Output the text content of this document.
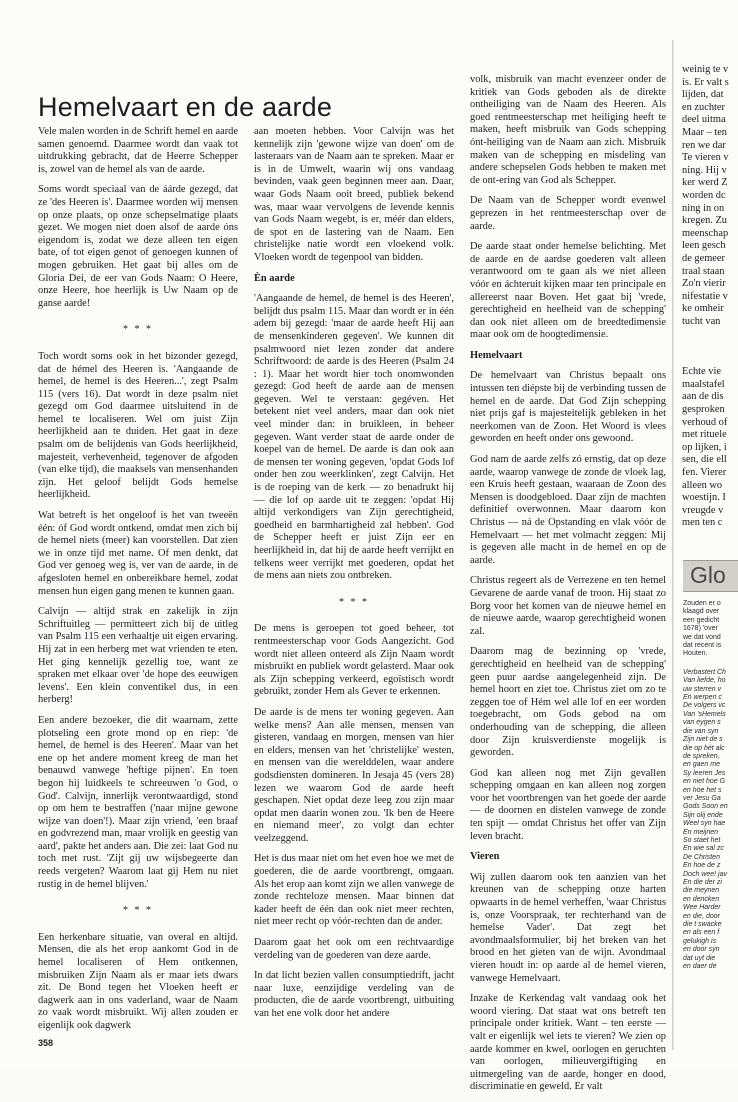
Hemelvaart en de aarde

Vele malen worden in de Schrift hemel en aarde samen genoemd. Daarmee wordt dan vaak tot uitdrukking gebracht, dat de Heerre Schepper is, zowel van de hemel als van de aarde.

Soms wordt speciaal van de áárde gezegd, dat ze 'des Heeren is'. Daarmee worden wij mensen op onze plaats, op onze schepselmatige plaats gezet. We mogen niet doen alsof de aarde óns eigendom is, zodat we deze alleen ten eigen bate, of tot eigen genot of genoegen kunnen of mogen gebruiken. Het gaat bij alles om de Gloria Dei, de eer van Gods Naam: O Heere, onze Heere, hoe heerlijk is Uw Naam op de ganse aarde!

* * *

Toch wordt soms ook in het bizonder gezegd, dat de hémel des Heeren is. 'Aangaande de hemel, de hemel is des Heeren...', zegt Psalm 115 (vers 16). Dat wordt in deze psalm niet gezegd om God daarmee uitsluitend in de hemel te localiseren. Wel om juist Zijn heerlijkheid aan te duiden. Het gaat in deze psalm om de belijdenis van Gods heerlijkheid, majesteit, verhevenheid, tegenover de afgoden (van elke tijd), die maaksels van mensenhanden zijn. Het geloof belijdt Gods hemelse heerlijkheid.

Wat betreft is het ongeloof is het van tweeën één: óf God wordt ontkend, omdat men zich bij de hemel niets (meer) kan voorstellen. Dat zien we in onze tijd met name. Of men denkt, dat God ver genoeg weg is, ver van de aarde, in de afgesloten hemel en onbereikbare hemel, zodat mensen hun eigen gang menen te kunnen gaan.

Calvijn — altijd strak en zakelijk in zijn Schriftuitleg — permitteert zich bij de uitleg van Psalm 115 een verhaaltje uit eigen ervaring. Hij zat in een herberg met wat vrienden te eten. Het ging kennelijk gezellig toe, want ze spraken met elkaar over 'de hope des eeuwigen levens'. Een klein conventikel dus, in een herberg!

Een andere bezoeker, die dit waarnam, zette plotseling een grote mond op en riep: 'de hemel, de hemel is des Heeren'. Maar van het ene op het andere moment kreeg de man het benauwd vanwege 'heftige pijnen'. En toen begon hij luidkeels te schreeuwen 'o God, o God'. Calvijn, innerlijk verontwaardigd, stond op om hem te bestraffen ('naar mijne gewone wijze van doen'!). Maar zijn vriend, 'een braaf en godvrezend man, maar vrolijk en geestig van aard', pakte het anders aan. Die zei: laat God nu toch met rust. 'Zijt gij uw wijsbegeerte dan reeds vergeten? Waarom laat gij Hem nu niet rustig in de hemel blijven.'

* * *

Een herkenbare situatie, van overal en altijd. Mensen, die als het erop aankomt God in de hemel localiseren of Hem ontkennen, misbruiken Zijn Naam als er maar iets dwars zit. De Bond tegen het Vloeken heeft er dagwerk aan in ons vaderland, waar de Naam zo vaak wordt misbruikt. Wij allen zouden er eigenlijk ook dagwerk

aan moeten hebben. Voor Calvijn was het kennelijk zijn 'gewone wijze van doen' om de lasteraars van de Naam aan te spreken. Maar er is in de Umwelt, waarin wij ons vandaag bevinden, vaak geen beginnen meer aan. Daar, waar Gods Naam ooit breed, publiek bekend was, maar waar vervolgens de levende kennis van Gods Naam wegebt, is er, méér dan elders, de spot en de lastering van de Naam. Een christelijke natie wordt een vloekend volk. Vloeken wordt de tegenpool van bidden.

Èn aarde

'Aangaande de hemel, de hemel is des Heeren', belijdt dus psalm 115. Maar dan wordt er in één adem bij gezegd: 'maar de aarde heeft Hij aan de mensenkinderen gegeven'. We kunnen dit psalmwoord niet lezen zonder dat andere Schriftwoord: de aarde is des Heeren (Psalm 24 : 1). Maar het wordt hier toch onomwonden gezegd: God heeft de aarde aan de mensen gegeven. Wel te verstaan: gegéven. Het betekent niet veel anders, maar dan ook niet veel minder dan: in bruikleen, in beheer gegeven. Want verder staat de aarde onder de koepel van de hemel. De aarde is dan ook aan de mensen ter woning gegeven, 'opdat Gods lof onder hen zou weerklinken', zegt Calvijn. Het is de roeping van de kerk — zo benadrukt hij — die lof op aarde uit te zeggen: 'opdat Hij altijd verkondigers van Zijn gerechtigheid, goedheid en barmhartigheid zal hebben'. God de Schepper heeft er juist Zijn eer en heerlijkheid in, dat hij de aarde heeft verrijkt en telkens weer verrijkt met goederen, opdat het de mens aan niets zou ontbreken.

* * *

De mens is geroepen tot goed beheer, tot rentmeesterschap voor Gods Aangezicht. God wordt niet alleen onteerd als Zijn Naam wordt misbruikt en publiek wordt gelasterd. Maar ook als Zijn schepping verkeerd, egoïstisch wordt gebruikt, zonder Hem als Gever te erkennen.

De aarde is de mens ter woning gegeven. Aan welke mens? Aan alle mensen, mensen van gisteren, vandaag en morgen, mensen van hier en elders, mensen van het 'christelijke' westen, en mensen van die werelddelen, waar andere godsdiensten domineren. In Jesaja 45 (vers 28) lezen we waarom God de aarde heeft geschapen. Niet opdat deze leeg zou zijn maar opdat men daarin wonen zou. 'Ik ben de Heere en niemand meer', zo volgt dan echter veelzeggend.

Het is dus maar niet om het even hoe we met de goederen, die de aarde voortbrengt, omgaan. Als het erop aan komt zijn we allen vanwege de zonde rechteloze mensen. Maar binnen dat kader heeft de één dan ook niet meer rechten, niet meer recht op vóór-rechten dan de ander.

Daarom gaat het ook om een rechtvaardige verdeling van de goederen van deze aarde.

In dat licht bezien vallen consumptiedrift, jacht naar luxe, eenzijdige verdeling van de producten, die de aarde voortbrengt, uitbuiting van het ene volk door het andere

volk, misbruik van macht evenzeer onder de kritiek van Gods geboden als de direkte ontheiliging van de Naam des Heeren. Als goed rentmeesterschap met heiliging heeft te maken, heeft misbruik van Gods schepping ónt-heiliging van de Naam aan zich. Misbruik maken van de schepping en misdeling van andere schepselen Gods hebben te maken met de ont-ering van God als Schepper.

De Naam van de Schepper wordt evenwel geprezen in het rentmeesterschap over de aarde.

De aarde staat onder hemelse belichting. Met de aarde en de aardse goederen valt alleen verantwoord om te gaan als we niet alleen vóór en áchteruit kijken maar ten principale en allereerst naar Boven. Het gaat bij 'vrede, gerechtigheid en heelheid van de schepping' dan ook niet alleen om de breedtedimensie maar ook om de hoogtedimensie.

Hemelvaart

De hemelvaart van Christus bepaalt ons intussen ten diépste bij de verbinding tussen de hemel en de aarde. Dat God Zijn schepping niet prijs gaf is majesteitelijk gebleken in het neerkomen van de Zoon. Het Woord is vlees geworden en heeft onder ons gewoond.

God nam de aarde zelfs zó ernstig, dat op deze aarde, waarop vanwege de zonde de vloek lag, een Kruis heeft gestaan, waaraan de Zoon des Mensen is doodgebloed. Daar zijn de machten definitief overwonnen. Maar daarom kon Christus — ná de Opstanding en vlak vóór de Hemelvaart — het met volmacht zeggen: Mij is gegeven alle macht in de hemel en op de aarde.

Christus regeert als de Verrezene en ten hemel Gevarene de aarde vanaf de troon. Hij staat zo Borg voor het komen van de nieuwe hemel en de nieuwe aarde, waarop gerechtigheid wonen zal.

Daarom mag de bezinning op 'vrede, gerechtigheid en heelheid van de schepping' geen puur aardse aangelegenheid zijn. De hemel hoort en ziet toe. Christus ziet om zo te zeggen toe of Hém wel alle lof en eer worden toegebracht, om Gods gebod na om onderhouding van de schepping, die alleen door Zijn kruisverdienste mogelijk is geworden.

God kan alleen nog met Zijn gevallen schepping omgaan en kan alleen nog zorgen voor het voortbrengen van het goede der aarde — de doornen en distelen vanwege de zonde ten spijt — omdat Christus het offer van Zijn leven bracht.

Vieren

Wij zullen daarom ook ten aanzien van het kreunen van de schepping onze harten opwaarts in de hemel verheffen, 'waar Christus is, onze Voorspraak, ter rechterhand van de hemelse Vader'. Dat zegt het avondmaalsformulier, bij het breken van het brood en het gieten van de wijn. Avondmaal vieren houdt in: op aarde al de hemel vieren, vanwege Hemelvaart.

Inzake de Kerkendag valt vandaag ook het woord viering. Dat staat wat ons betreft ten principale onder kritiek. Want – ten eerste — valt er eigenlijk wel iets te vieren? We zien op aarde kommer en kwel, oorlogen en geruchten van oorlogen, milieuvergiftiging en uitmergeling van de aarde, honger en dood, discriminatie en geweld. Er valt

weinig te v

is. Er valt s

lijden, dat

en zuchter

deel uitma

Maar – ten

ren we dar

Te vieren v

ning. Hij v

ker werd Z

worden dc

ning in on

kregen. Zu

meenschap

leen gesch

de gemeer

traal staan

Zo'n vierir

nifestatie v

ke omheir

tucht van

Echte vie

maalstafel

aan de dis

gesproken

verhoud of

met rituele

op lijken, i

sen, die ell

fen. Vierer

alleen wo

woestijn. I

vreugde v

men ten c

Glo

Zouden er o

klaagd over

een gedicht

1678) 'over

we dat vond

dat recent is

Houten.

Verbastert Ch

Van liefde, ho

uw sterren v

En werpen c

De volgers vc

Van 'sHemels

van eygen s

die van syn

Zijn niet de s

die op hét alc

de spreken,

en gaen me

Sy leeren Jes

en niet hoe G

en hoe het s

ver Jesu Ga

Gods Soon en

Sijn olij ende

Weel syn hae

En meijnen

So staet het

En wie sal zc

De Christen

En hoe de z

Doch wee! jav

En die der zi

die meynen

en dencken

Wee Harder

en die, door

die t swacke

en als een f

gelukigh is

en door syn

dat uyt die

en daer de

358
